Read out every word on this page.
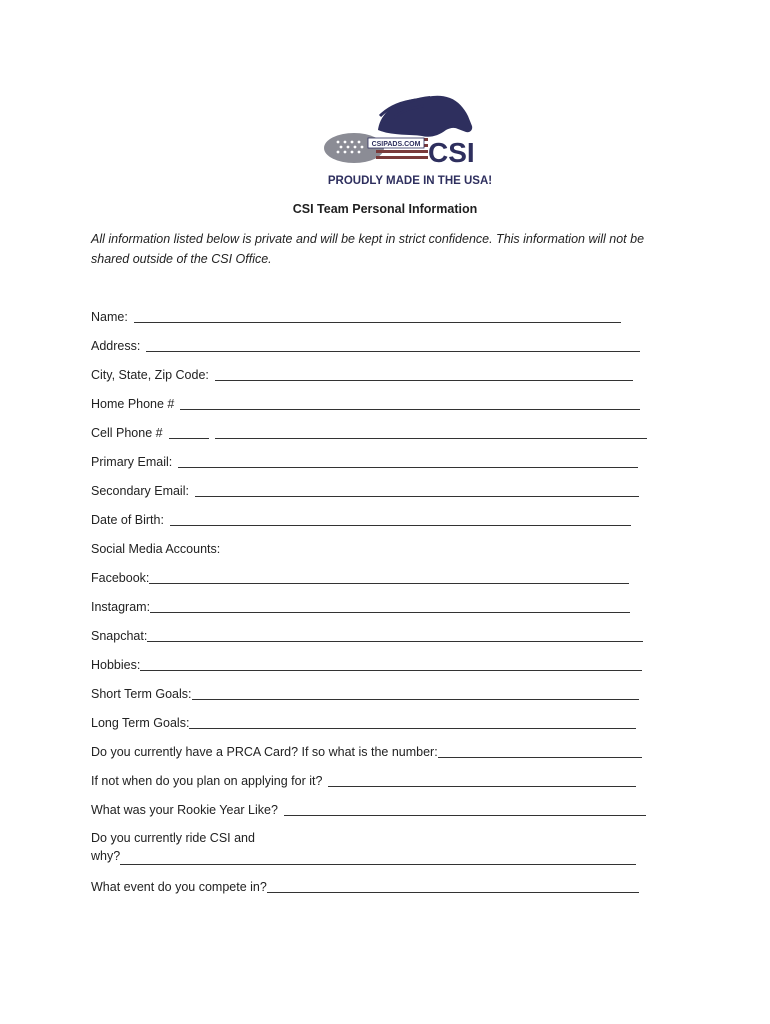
CSIPADS.COM CSI
PROUDLY MADE IN THE USA!
CSI Team Personal Information
All information listed below is private and will be kept in strict confidence. This information will not be shared outside of the CSI Office.
Name:
Address:
City, State, Zip Code:
Home Phone #
Cell Phone #
Primary Email:
Secondary Email:
Date of Birth:
Social Media Accounts:
Facebook:
Instagram:
Snapchat:
Hobbies:
Short Term Goals:
Long Term Goals:
Do you currently have a PRCA Card? If so what is the number:
If not when do you plan on applying for it?
What was your Rookie Year Like?
Do you currently ride CSI and
why?
What event do you compete in?
